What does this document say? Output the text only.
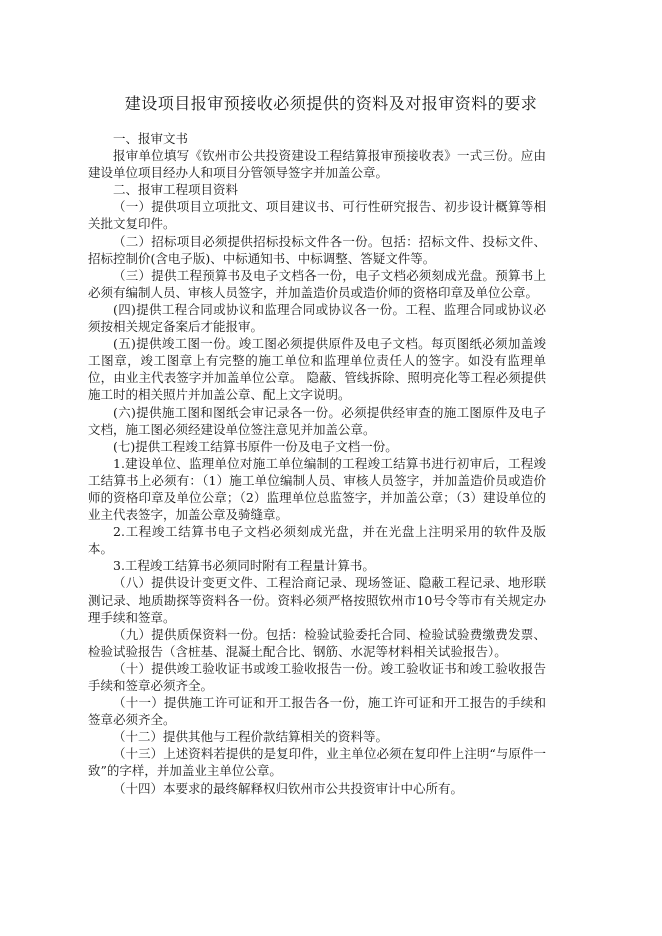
建设项目报审预接收必须提供的资料及对报审资料的要求

一、报审文书

报审单位填写《钦州市公共投资建设工程结算报审预接收表》一式三份。应由建设单位项目经办人和项目分管领导签字并加盖公章。

二、报审工程项目资料

（一）提供项目立项批文、项目建议书、可行性研究报告、初步设计概算等相关批文复印件。

（二）招标项目必须提供招标投标文件各一份。包括：招标文件、投标文件、招标控制价(含电子版)、中标通知书、中标调整、答疑文件等。

（三）提供工程预算书及电子文档各一份，电子文档必须刻成光盘。预算书上必须有编制人员、审核人员签字，并加盖造价员或造价师的资格印章及单位公章。

(四)提供工程合同或协议和监理合同或协议各一份。工程、监理合同或协议必须按相关规定备案后才能报审。

(五)提供竣工图一份。竣工图必须提供原件及电子文档。每页图纸必须加盖竣工图章，竣工图章上有完整的施工单位和监理单位责任人的签字。如没有监理单位，由业主代表签字并加盖单位公章。 隐蔽、管线拆除、照明亮化等工程必须提供施工时的相关照片并加盖公章、配上文字说明。

(六)提供施工图和图纸会审记录各一份。必须提供经审查的施工图原件及电子文档，施工图必须经建设单位签注意见并加盖公章。

(七)提供工程竣工结算书原件一份及电子文档一份。

1.建设单位、监理单位对施工单位编制的工程竣工结算书进行初审后，工程竣工结算书上必须有：（1）施工单位编制人员、审核人员签字，并加盖造价员或造价师的资格印章及单位公章；（2）监理单位总监签字，并加盖公章；（3）建设单位的业主代表签字，加盖公章及骑缝章。

2.工程竣工结算书电子文档必须刻成光盘，并在光盘上注明采用的软件及版本。

3.工程竣工结算书必须同时附有工程量计算书。

（八）提供设计变更文件、工程洽商记录、现场签证、隐蔽工程记录、地形联测记录、地质勘探等资料各一份。资料必须严格按照钦州市10号令等市有关规定办理手续和签章。

（九）提供质保资料一份。包括：检验试验委托合同、检验试验费缴费发票、检验试验报告（含桩基、混凝土配合比、钢筋、水泥等材料相关试验报告）。

（十）提供竣工验收证书或竣工验收报告一份。竣工验收证书和竣工验收报告手续和签章必须齐全。

（十一）提供施工许可证和开工报告各一份，施工许可证和开工报告的手续和签章必须齐全。

（十二）提供其他与工程价款结算相关的资料等。

（十三）上述资料若提供的是复印件，业主单位必须在复印件上注明“与原件一致”的字样，并加盖业主单位公章。

（十四）本要求的最终解释权归钦州市公共投资审计中心所有。
